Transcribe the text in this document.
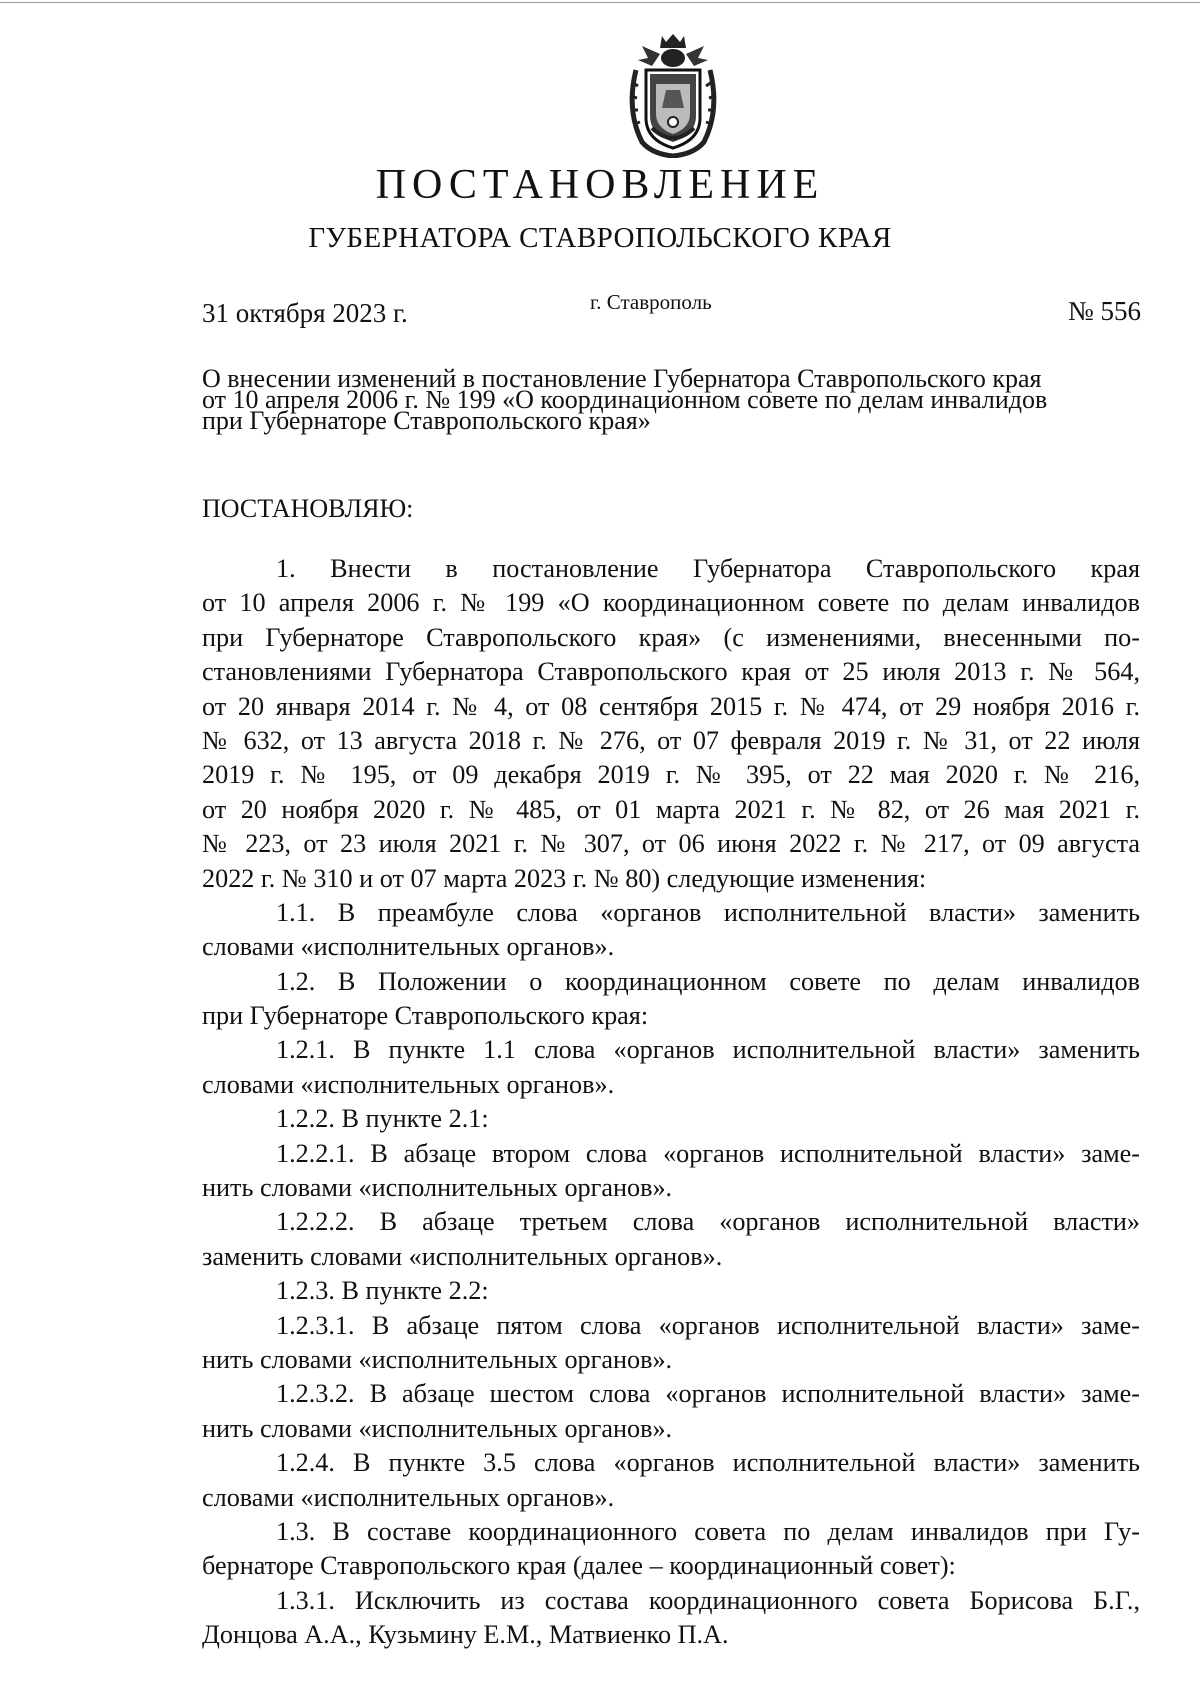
ПОСТАНОВЛЕНИЕ
ГУБЕРНАТОРА СТАВРОПОЛЬСКОГО КРАЯ
31 октября 2023 г.	г. Ставрополь	№ 556
О внесении изменений в постановление Губернатора Ставропольского края
от 10 апреля 2006 г. № 199 «О координационном совете по делам инвалидов
при Губернаторе Ставропольского края»
ПОСТАНОВЛЯЮ:
1. Внести в постановление Губернатора Ставропольского края
от 10 апреля 2006 г. № 199 «О координационном совете по делам инвалидов
при Губернаторе Ставропольского края» (с изменениями, внесенными по-
становлениями Губернатора Ставропольского края от 25 июля 2013 г. № 564,
от 20 января 2014 г. № 4, от 08 сентября 2015 г. № 474, от 29 ноября 2016 г.
№ 632, от 13 августа 2018 г. № 276, от 07 февраля 2019 г. № 31, от 22 июля
2019 г. № 195, от 09 декабря 2019 г. № 395, от 22 мая 2020 г. № 216,
от 20 ноября 2020 г. № 485, от 01 марта 2021 г. № 82, от 26 мая 2021 г.
№ 223, от 23 июля 2021 г. № 307, от 06 июня 2022 г. № 217, от 09 августа
2022 г. № 310 и от 07 марта 2023 г. № 80) следующие изменения:
1.1. В преамбуле слова «органов исполнительной власти» заменить
словами «исполнительных органов».
1.2. В Положении о координационном совете по делам инвалидов
при Губернаторе Ставропольского края:
1.2.1. В пункте 1.1 слова «органов исполнительной власти» заменить
словами «исполнительных органов».
1.2.2. В пункте 2.1:
1.2.2.1. В абзаце втором слова «органов исполнительной власти» заме-
нить словами «исполнительных органов».
1.2.2.2. В абзаце третьем слова «органов исполнительной власти»
заменить словами «исполнительных органов».
1.2.3. В пункте 2.2:
1.2.3.1. В абзаце пятом слова «органов исполнительной власти» заме-
нить словами «исполнительных органов».
1.2.3.2. В абзаце шестом слова «органов исполнительной власти» заме-
нить словами «исполнительных органов».
1.2.4. В пункте 3.5 слова «органов исполнительной власти» заменить
словами «исполнительных органов».
1.3. В составе координационного совета по делам инвалидов при Гу-
бернаторе Ставропольского края (далее – координационный совет):
1.3.1. Исключить из состава координационного совета Борисова Б.Г.,
Донцова А.А., Кузьмину Е.М., Матвиенко П.А.
